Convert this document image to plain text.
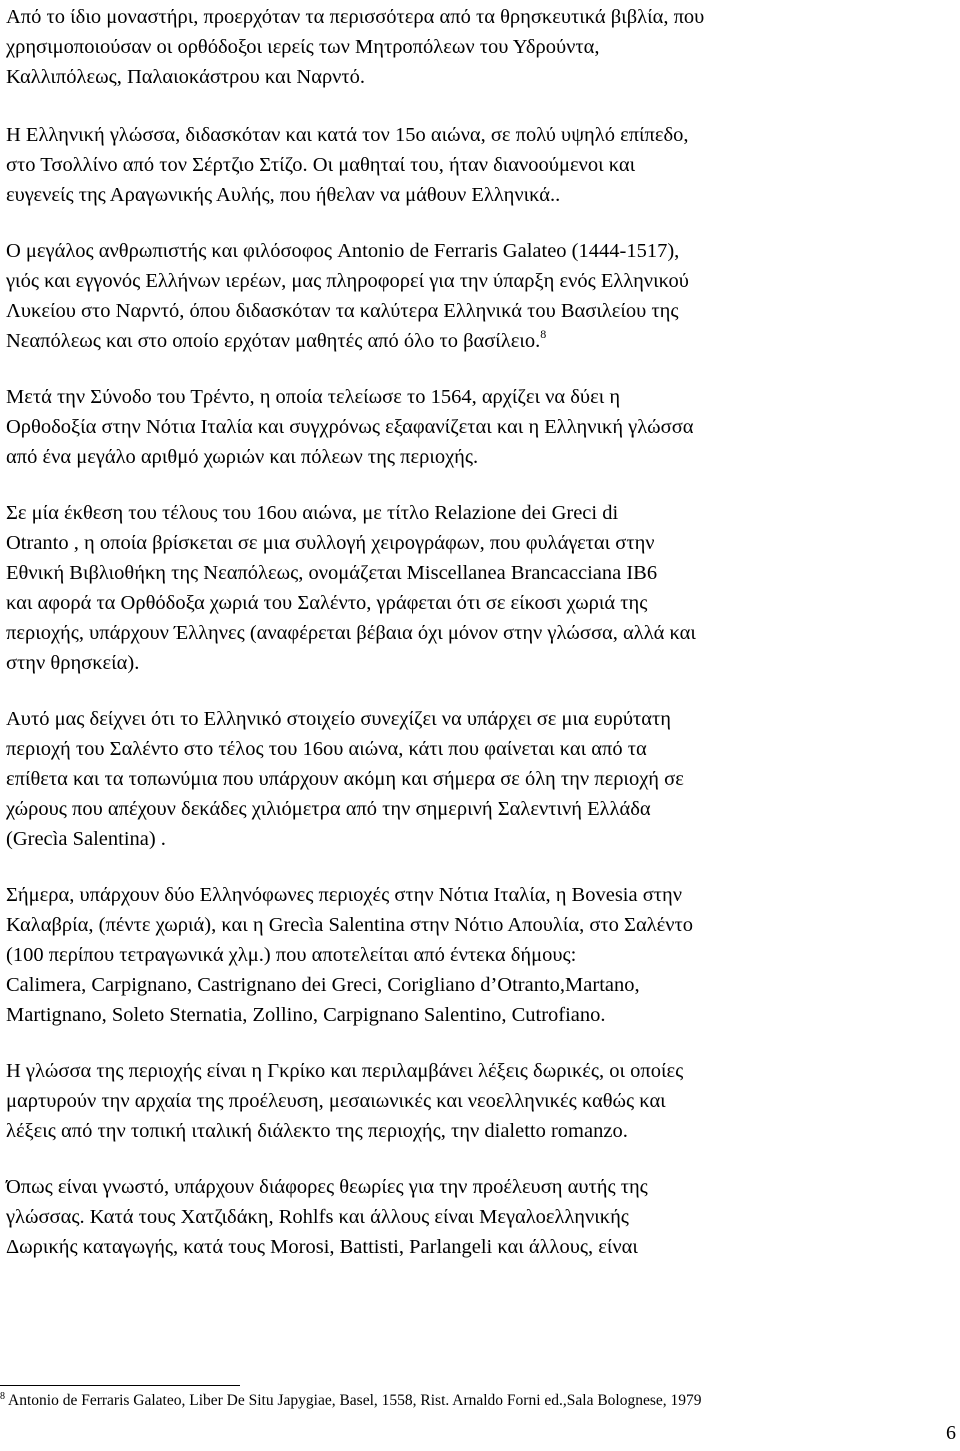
Από το ίδιο μοναστήρι, προερχόταν τα περισσότερα από τα θρησκευτικά βιβλία, που
χρησιμοποιούσαν οι ορθόδοξοι ιερείς των Μητροπόλεων του Υδρούντα,
Καλλιπόλεως, Παλαιοκάστρου και Ναρντό.

Η Ελληνική γλώσσα, διδασκόταν και κατά τον 15ο αιώνα, σε πολύ υψηλό επίπεδο,
στο Τσολλίνο από τον Σέρτζιο Στίζο. Οι μαθηταί του, ήταν διανοούμενοι και
ευγενείς της Αραγωνικής Αυλής, που ήθελαν να μάθουν Ελληνικά..

Ο μεγάλος ανθρωπιστής και φιλόσοφος Antonio de Ferraris Galateo (1444-1517),
γιός και εγγονός Ελλήνων ιερέων, μας πληροφορεί για την ύπαρξη ενός Ελληνικού
Λυκείου στο Ναρντό, όπου διδασκόταν τα καλύτερα Ελληνικά του Βασιλείου της
Νεαπόλεως και στο οποίο ερχόταν μαθητές από όλο το βασίλειο.$^8$

Μετά την Σύνοδο του Τρέντο, η οποία τελείωσε το 1564, αρχίζει να δύει η
Ορθοδοξία στην Νότια Ιταλία και συγχρόνως εξαφανίζεται και η Ελληνική γλώσσα
από ένα μεγάλο αριθμό χωριών και πόλεων της περιοχής.

Σε μία έκθεση του τέλους του 16ου αιώνα, με τίτλο Relazione dei Greci di
Otranto , η οποία βρίσκεται σε μια συλλογή χειρογράφων, που φυλάγεται στην
Εθνική Βιβλιοθήκη της Νεαπόλεως, ονομάζεται Miscellanea Brancacciana IB6
και αφορά τα Ορθόδοξα χωριά του Σαλέντο, γράφεται ότι σε είκοσι χωριά της
περιοχής, υπάρχουν Έλληνες (αναφέρεται βέβαια όχι μόνον στην γλώσσα, αλλά και
στην θρησκεία).

Αυτό μας δείχνει ότι το Ελληνικό στοιχείο συνεχίζει να υπάρχει σε μια ευρύτατη
περιοχή του Σαλέντο στο τέλος του 16ου αιώνα, κάτι που φαίνεται και από τα
επίθετα και τα τοπωνύμια που υπάρχουν ακόμη και σήμερα σε όλη την περιοχή σε
χώρους που απέχουν δεκάδες χιλιόμετρα από την σημερινή Σαλεντινή Ελλάδα
(Grecìa Salentina) .

Σήμερα, υπάρχουν δύο Ελληνόφωνες περιοχές στην Νότια Ιταλία, η Bovesia στην
Καλαβρία, (πέντε χωριά), και η Grecìa Salentina στην Νότιο Απουλία, στο Σαλέντο
(100 περίπου τετραγωνικά χλμ.) που αποτελείται από έντεκα δήμους:
Calimera, Carpignano, Castrignano dei Greci, Corigliano d’Otranto,Martano,
Martignano, Soleto Sternatia, Zollino, Carpignano Salentino, Cutrofiano.

Η γλώσσα της περιοχής είναι η Γκρίκο και περιλαμβάνει λέξεις δωρικές, οι οποίες
μαρτυρούν την αρχαία της προέλευση, μεσαιωνικές και νεοελληνικές καθώς και
λέξεις από την τοπική ιταλική διάλεκτο της περιοχής, την dialetto romanzo.

Όπως είναι γνωστό, υπάρχουν διάφορες θεωρίες για την προέλευση αυτής της
γλώσσας. Κατά τους Χατζιδάκη, Rohlfs και άλλους είναι Μεγαλοελληνικής
Δωρικής καταγωγής, κατά τους Morosi, Battisti, Parlangeli και άλλους, είναι

$^8$ Antonio de Ferraris Galateo, Liber De Situ Japygiae, Basel, 1558, Rist. Arnaldo Forni ed.,Sala Bolognese, 1979
6
